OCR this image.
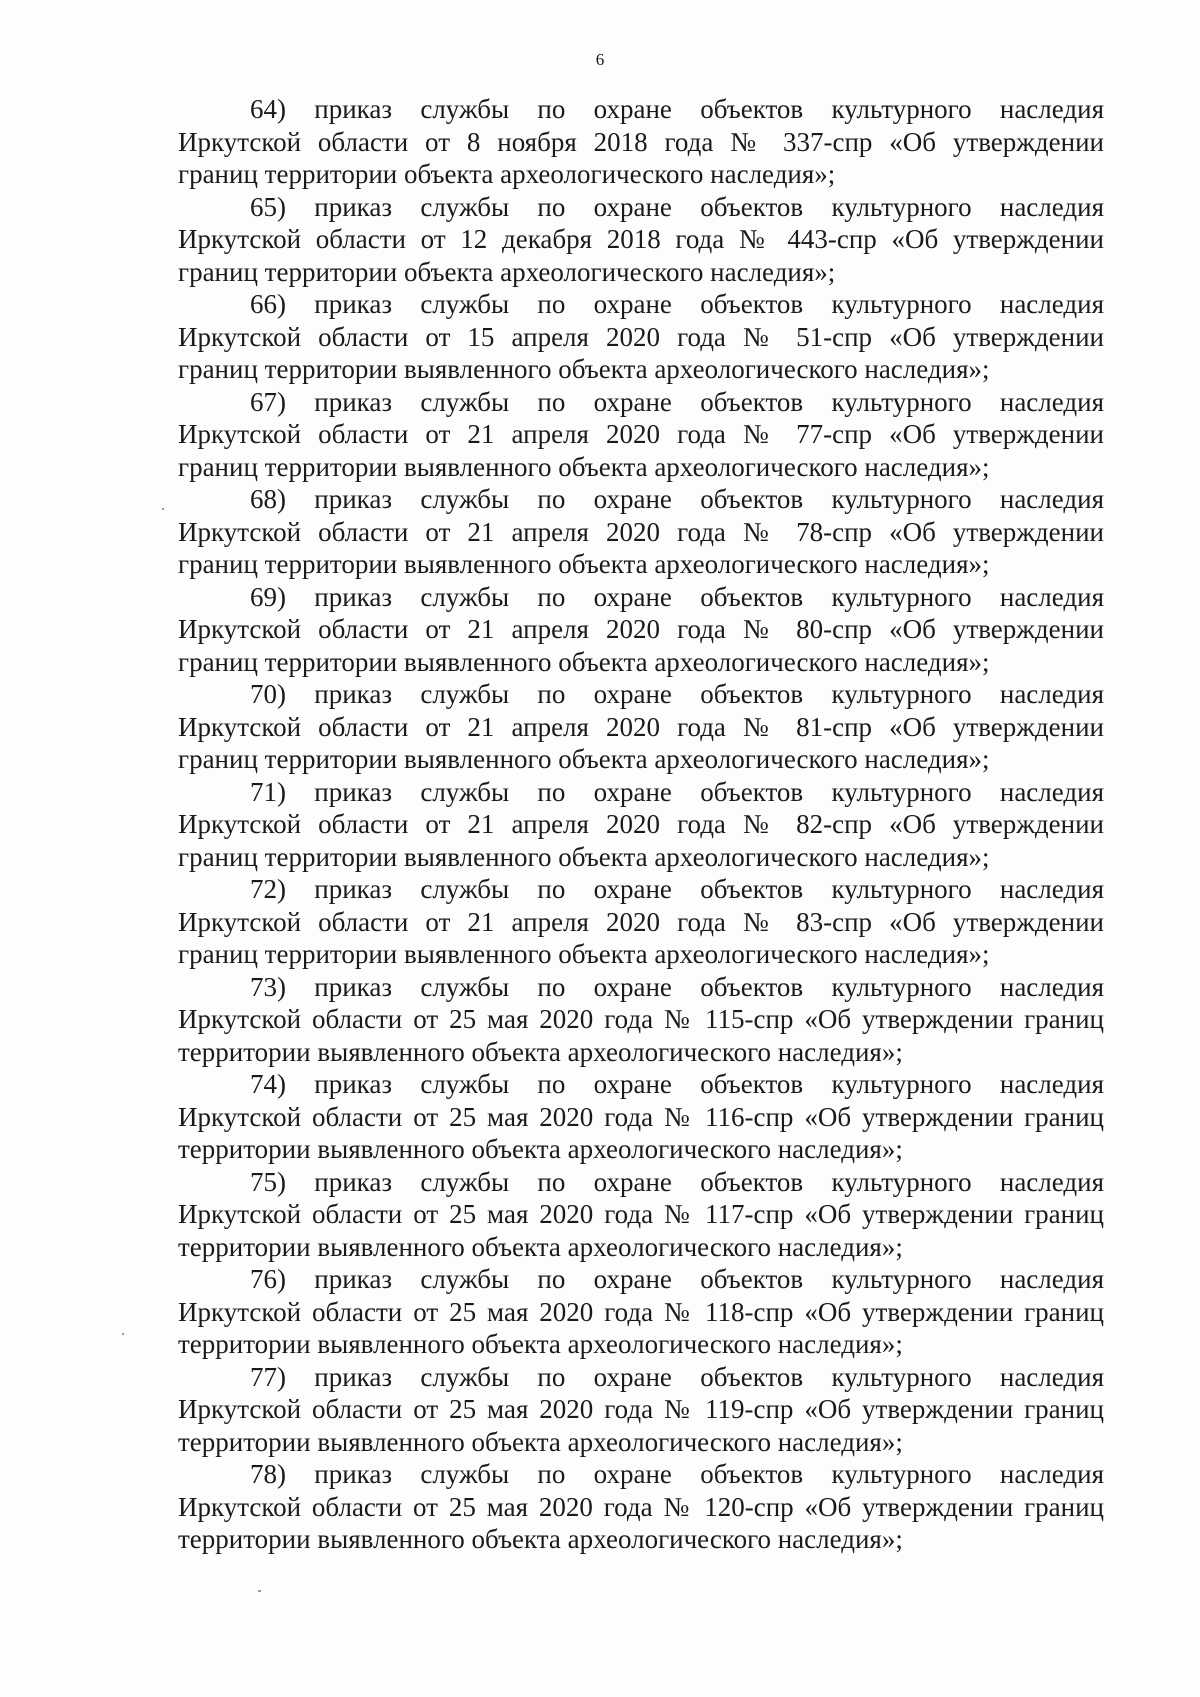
6

64) приказ службы по охране объектов культурного наследия
Иркутской области от 8 ноября 2018 года № 337-спр «Об утверждении
границ территории объекта археологического наследия»;

65) приказ службы по охране объектов культурного наследия
Иркутской области от 12 декабря 2018 года № 443-спр «Об утверждении
границ территории объекта археологического наследия»;

66) приказ службы по охране объектов культурного наследия
Иркутской области от 15 апреля 2020 года № 51-спр «Об утверждении
границ территории выявленного объекта археологического наследия»;

67) приказ службы по охране объектов культурного наследия
Иркутской области от 21 апреля 2020 года № 77-спр «Об утверждении
границ территории выявленного объекта археологического наследия»;

68) приказ службы по охране объектов культурного наследия
Иркутской области от 21 апреля 2020 года № 78-спр «Об утверждении
границ территории выявленного объекта археологического наследия»;

69) приказ службы по охране объектов культурного наследия
Иркутской области от 21 апреля 2020 года № 80-спр «Об утверждении
границ территории выявленного объекта археологического наследия»;

70) приказ службы по охране объектов культурного наследия
Иркутской области от 21 апреля 2020 года № 81-спр «Об утверждении
границ территории выявленного объекта археологического наследия»;

71) приказ службы по охране объектов культурного наследия
Иркутской области от 21 апреля 2020 года № 82-спр «Об утверждении
границ территории выявленного объекта археологического наследия»;

72) приказ службы по охране объектов культурного наследия
Иркутской области от 21 апреля 2020 года № 83-спр «Об утверждении
границ территории выявленного объекта археологического наследия»;

73) приказ службы по охране объектов культурного наследия
Иркутской области от 25 мая 2020 года № 115-спр «Об утверждении границ
территории выявленного объекта археологического наследия»;

74) приказ службы по охране объектов культурного наследия
Иркутской области от 25 мая 2020 года № 116-спр «Об утверждении границ
территории выявленного объекта археологического наследия»;

75) приказ службы по охране объектов культурного наследия
Иркутской области от 25 мая 2020 года № 117-спр «Об утверждении границ
территории выявленного объекта археологического наследия»;

76) приказ службы по охране объектов культурного наследия
Иркутской области от 25 мая 2020 года № 118-спр «Об утверждении границ
территории выявленного объекта археологического наследия»;

77) приказ службы по охране объектов культурного наследия
Иркутской области от 25 мая 2020 года № 119-спр «Об утверждении границ
территории выявленного объекта археологического наследия»;

78) приказ службы по охране объектов культурного наследия
Иркутской области от 25 мая 2020 года № 120-спр «Об утверждении границ
территории выявленного объекта археологического наследия»;
